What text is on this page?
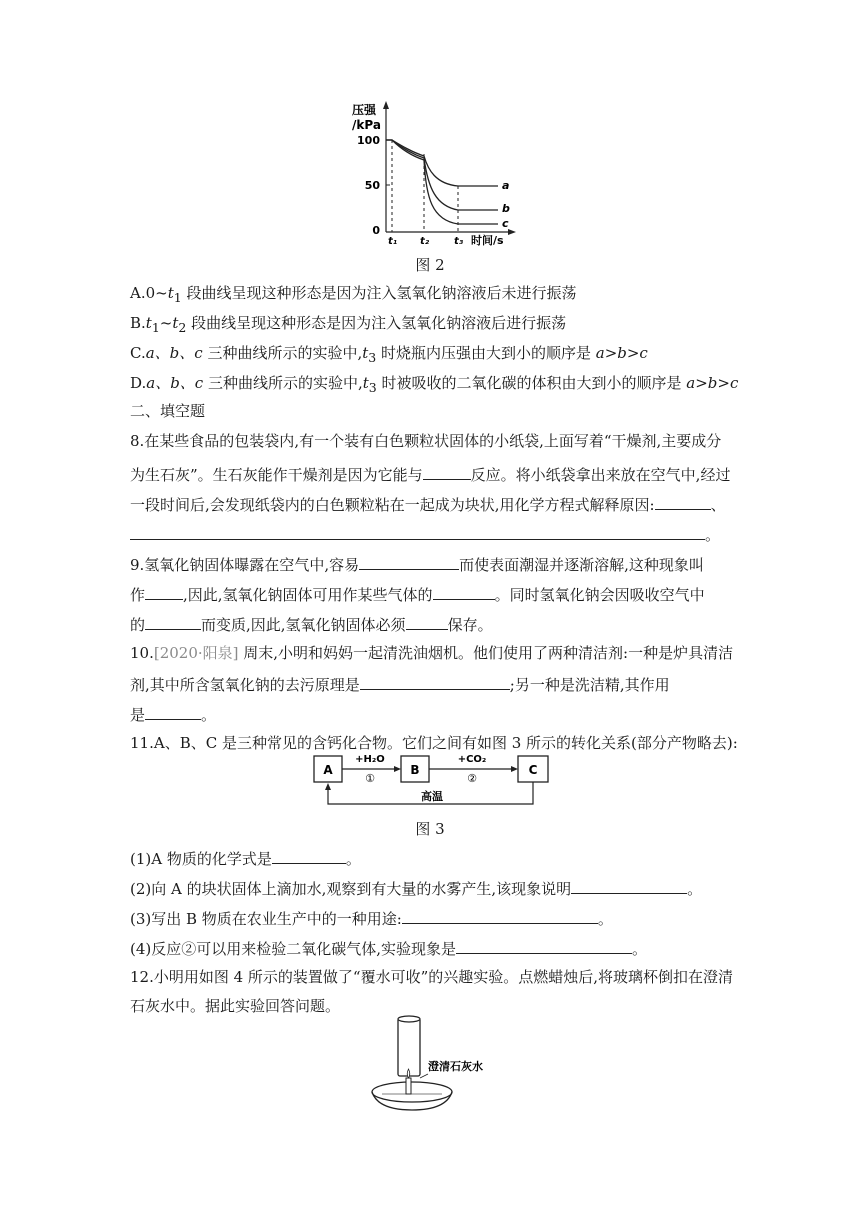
压强
/kPa
100
50
0
a
b
c
t₁ t₂ t₃ 时间/s
图 2
$A.0\sim t_1$ 段曲线呈现这种形态是因为注入氢氧化钠溶液后未进行振荡
$B.t_1\sim t_2$ 段曲线呈现这种形态是因为注入氢氧化钠溶液后进行振荡
C.a、b、c 三种曲线所示的实验中$,t_3$ 时烧瓶内压强由大到小的顺序是 a>b>c
D.a、b、c 三种曲线所示的实验中$,t_3$ 时被吸收的二氧化碳的体积由大到小的顺序是 a>b>c
二、填空题
8.在某些食品的包装袋内,有一个装有白色颗粒状固体的小纸袋,上面写着“干燥剂,主要成分
为生石灰”。生石灰能作干燥剂是因为它能与	反应。将小纸袋拿出来放在空气中,经过
一段时间后,会发现纸袋内的白色颗粒粘在一起成为块状,用化学方程式解释原因:	、
。
9.氢氧化钠固体曝露在空气中,容易	而使表面潮湿并逐渐溶解,这种现象叫
作	,因此,氢氧化钠固体可用作某些气体的	。同时氢氧化钠会因吸收空气中
的	而变质,因此,氢氧化钠固体必须	保存。
10.[2020·阳泉] 周末,小明和妈妈一起清洗油烟机。他们使用了两种清洁剂:一种是炉具清洁
剂,其中所含氢氧化钠的去污原理是	;另一种是洗洁精,其作用
是	。
11.A、B、C 是三种常见的含钙化合物。它们之间有如图 3 所示的转化关系(部分产物略去):
A	B	C
+H₂O
①
+CO₂
②
高温
图 3
(1)A 物质的化学式是	。
(2)向 A 的块状固体上滴加水,观察到有大量的水雾产生,该现象说明	。
(3)写出 B 物质在农业生产中的一种用途:	。
(4)反应②可以用来检验二氧化碳气体,实验现象是	。
12.小明用如图 4 所示的装置做了“覆水可收”的兴趣实验。点燃蜡烛后,将玻璃杯倒扣在澄清
石灰水中。据此实验回答问题。
澄清石灰水
